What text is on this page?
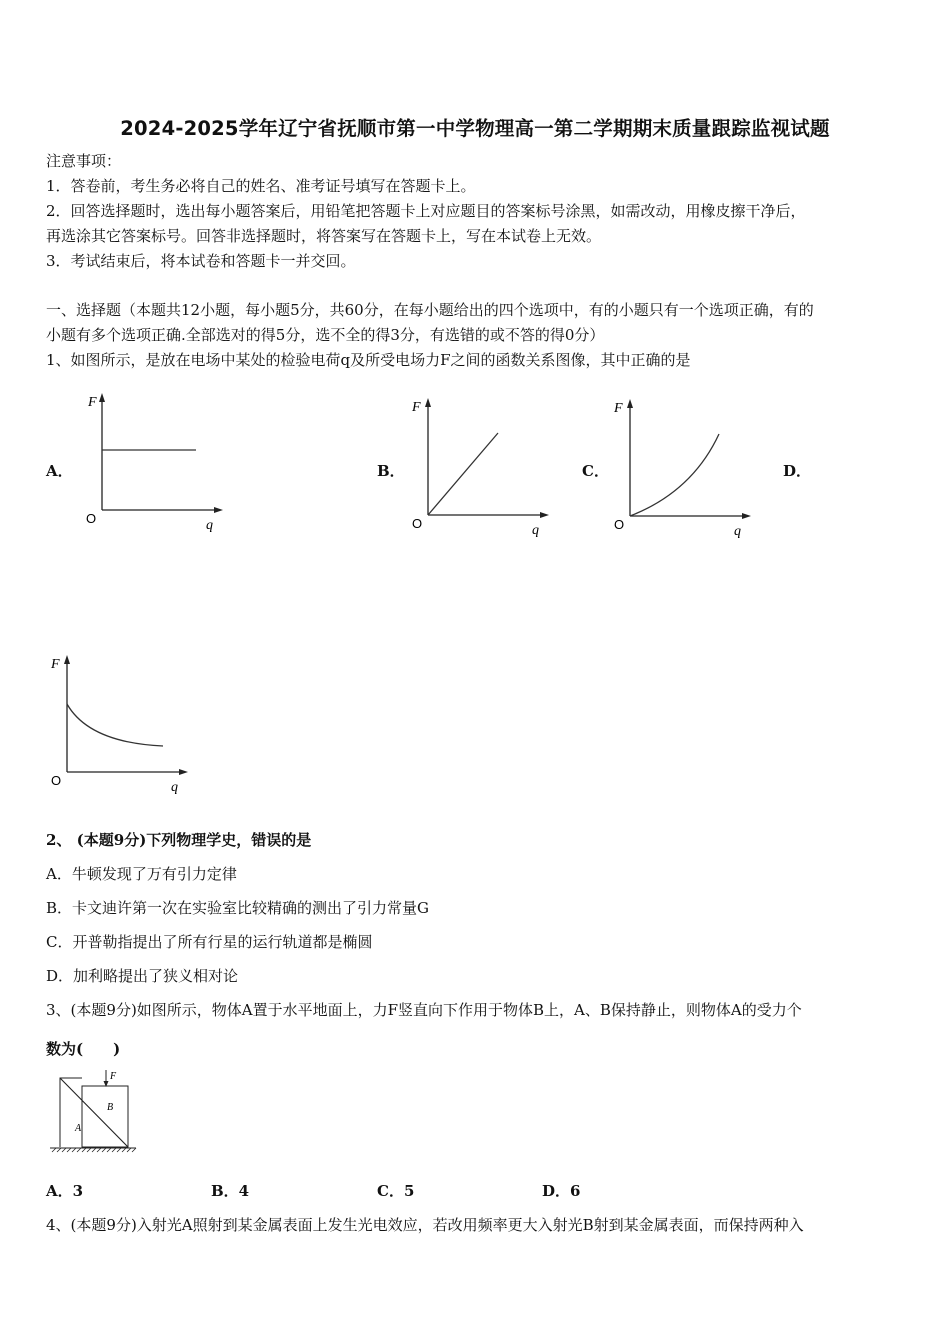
2024-2025学年辽宁省抚顺市第一中学物理高一第二学期期末质量跟踪监视试题
注意事项：
1．答卷前，考生务必将自己的姓名、准考证号填写在答题卡上。
2．回答选择题时，选出每小题答案后，用铅笔把答题卡上对应题目的答案标号涂黑，如需改动，用橡皮擦干净后，
再选涂其它答案标号。回答非选择题时，将答案写在答题卡上，写在本试卷上无效。
3．考试结束后，将本试卷和答题卡一并交回。
一、选择题（本题共12小题，每小题5分，共60分，在每小题给出的四个选项中，有的小题只有一个选项正确，有的
小题有多个选项正确.全部选对的得5分，选不全的得3分，有选错的或不答的得0分）
1、如图所示，是放在电场中某处的检验电荷q及所受电场力F之间的函数关系图像，其中正确的是
A．	B．	C．	D．
F
O	q
F
O	q
F
O	q
F
O	q
2、 (本题9分)下列物理学史，错误的是
A．牛顿发现了万有引力定律
B．卡文迪许第一次在实验室比较精确的测出了引力常量G
C．开普勒指提出了所有行星的运行轨道都是椭圆
D．加利略提出了狭义相对论
3、(本题9分)如图所示，物体A置于水平地面上，力F竖直向下作用于物体B上，A、B保持静止，则物体A的受力个
数为(　　)
F
A
B
A．3	B．4	C．5	D．6
4、(本题9分)入射光A照射到某金属表面上发生光电效应，若改用频率更大入射光B射到某金属表面，而保持两种入
